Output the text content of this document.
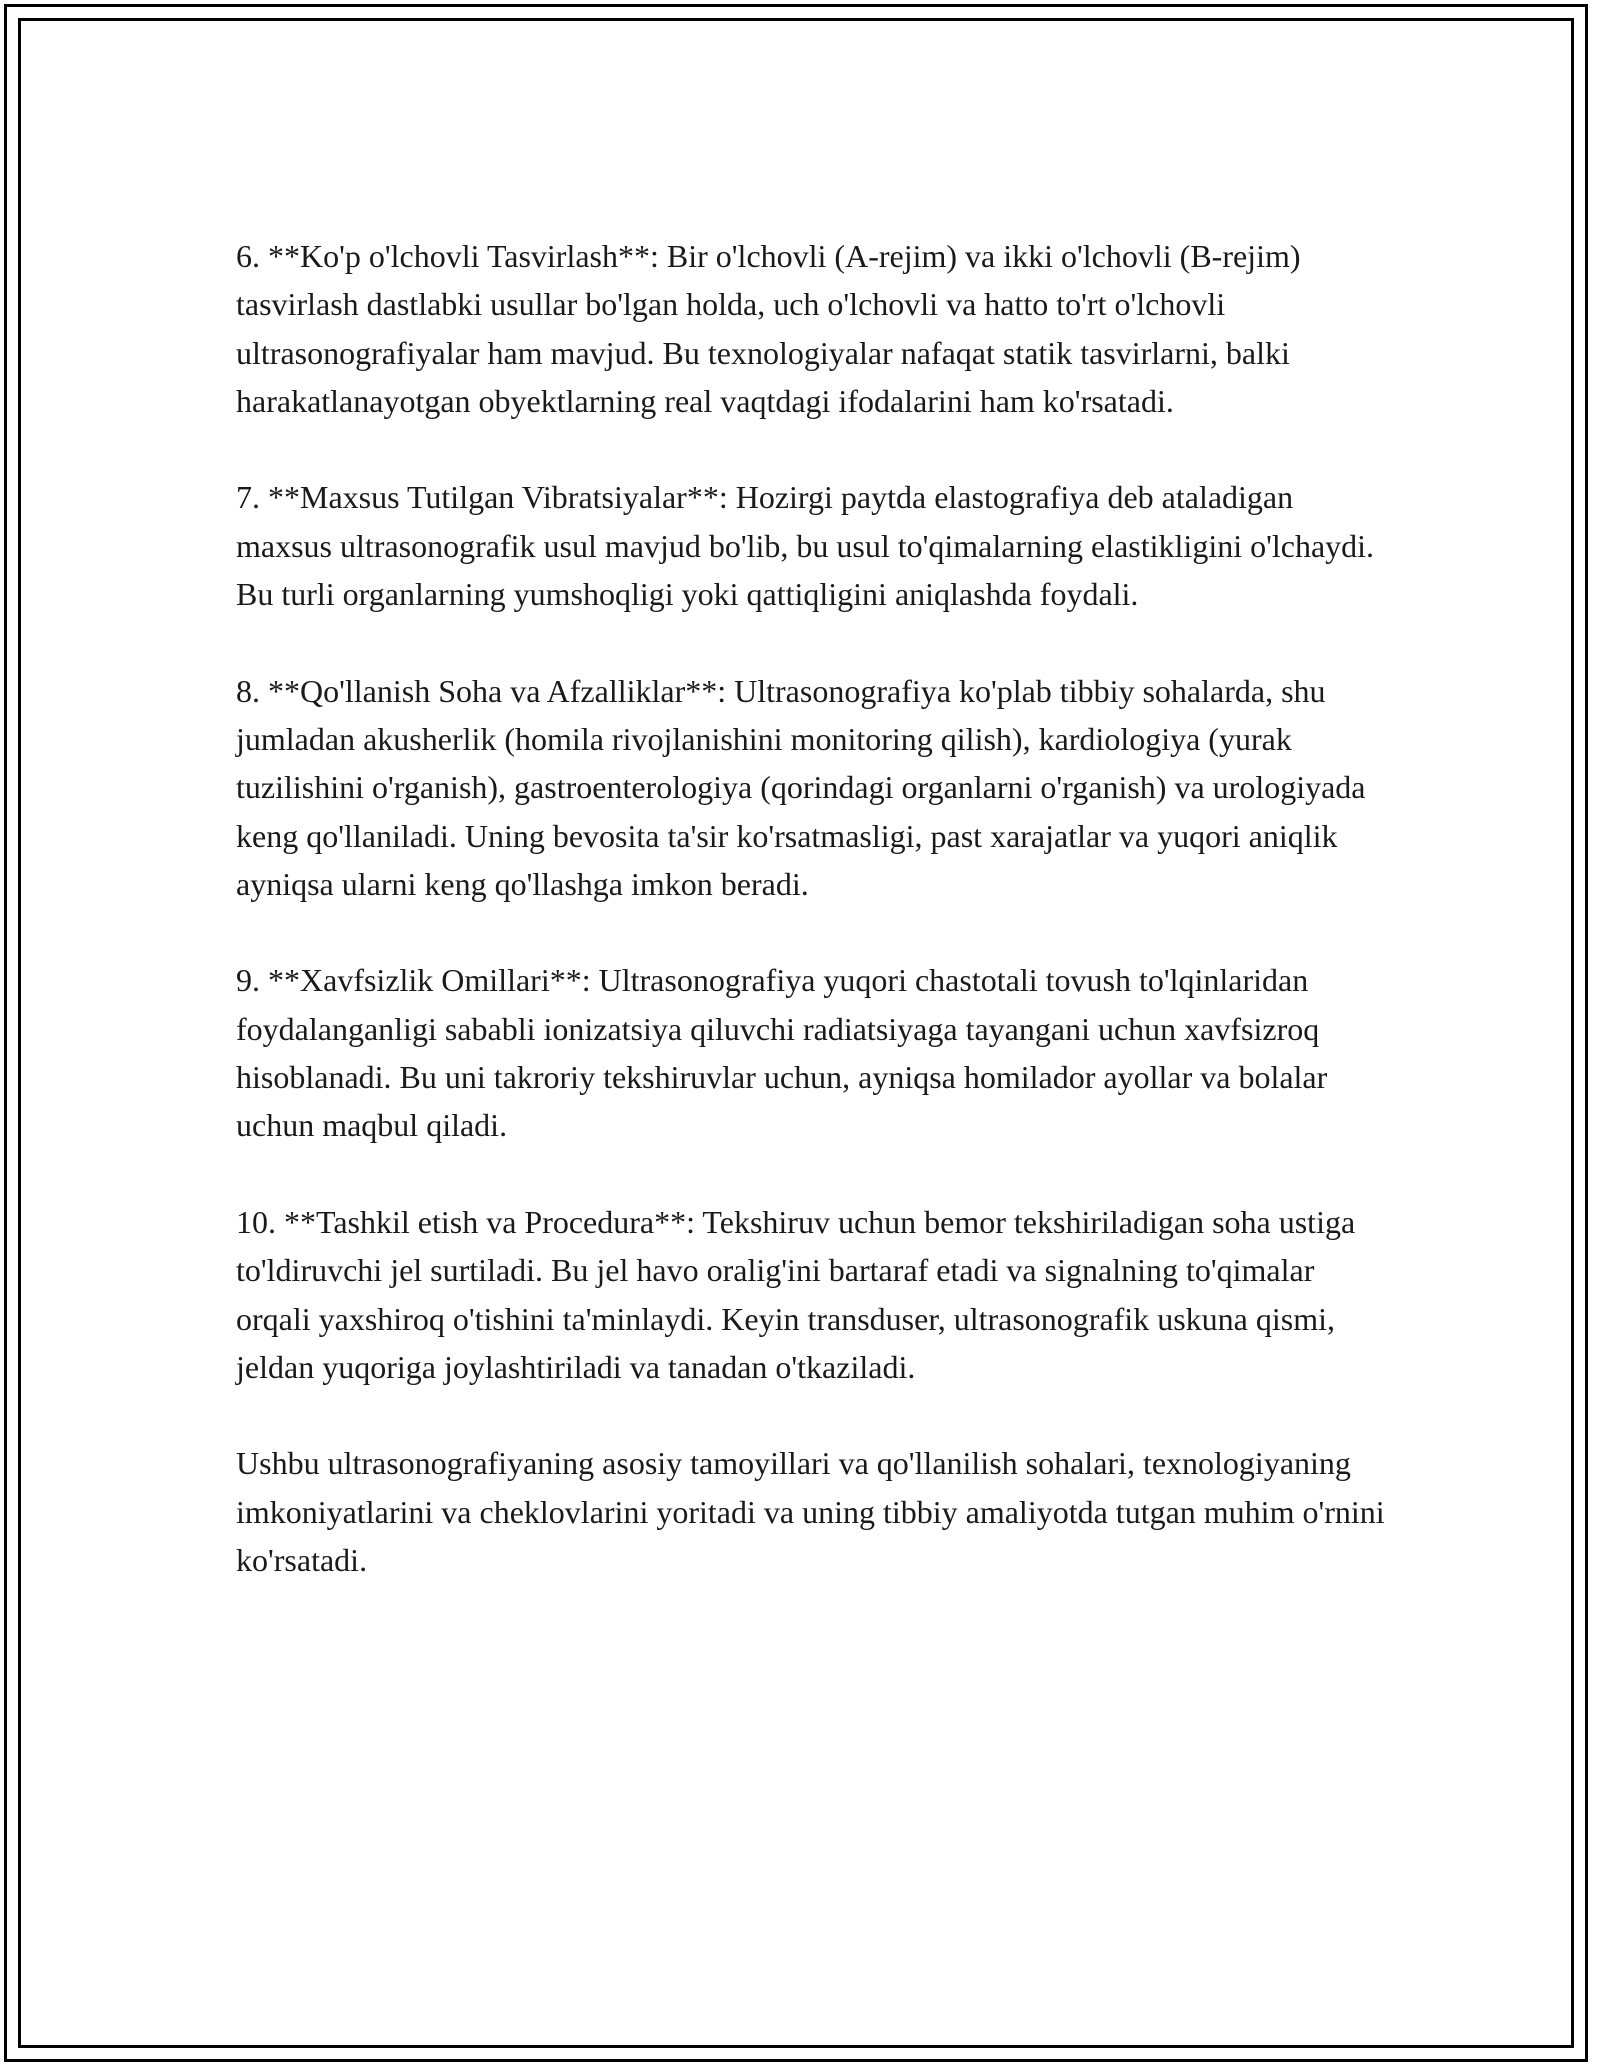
6. **Ko'p o'lchovli Tasvirlash**: Bir o'lchovli (A-rejim) va ikki o'lchovli (B-rejim) tasvirlash dastlabki usullar bo'lgan holda, uch o'lchovli va hatto to'rt o'lchovli ultrasonografiyalar ham mavjud. Bu texnologiyalar nafaqat statik tasvirlarni, balki harakatlanayotgan obyektlarning real vaqtdagi ifodalarini ham ko'rsatadi.

7. **Maxsus Tutilgan Vibratsiyalar**: Hozirgi paytda elastografiya deb ataladigan maxsus ultrasonografik usul mavjud bo'lib, bu usul to'qimalarning elastikligini o'lchaydi. Bu turli organlarning yumshoqligi yoki qattiqligini aniqlashda foydali.

8. **Qo'llanish Soha va Afzalliklar**: Ultrasonografiya ko'plab tibbiy sohalarda, shu jumladan akusherlik (homila rivojlanishini monitoring qilish), kardiologiya (yurak tuzilishini o'rganish), gastroenterologiya (qorindagi organlarni o'rganish) va urologiyada keng qo'llaniladi. Uning bevosita ta'sir ko'rsatmasligi, past xarajatlar va yuqori aniqlik ayniqsa ularni keng qo'llashga imkon beradi.

9. **Xavfsizlik Omillari**: Ultrasonografiya yuqori chastotali tovush to'lqinlaridan foydalanganligi sababli ionizatsiya qiluvchi radiatsiyaga tayangani uchun xavfsizroq hisoblanadi. Bu uni takroriy tekshiruvlar uchun, ayniqsa homilador ayollar va bolalar uchun maqbul qiladi.

10. **Tashkil etish va Procedura**: Tekshiruv uchun bemor tekshiriladigan soha ustiga to'ldiruvchi jel surtiladi. Bu jel havo oralig'ini bartaraf etadi va signalning to'qimalar orqali yaxshiroq o'tishini ta'minlaydi. Keyin transduser, ultrasonografik uskuna qismi, jeldan yuqoriga joylashtiriladi va tanadan o'tkaziladi.

Ushbu ultrasonografiyaning asosiy tamoyillari va qo'llanilish sohalari, texnologiyaning imkoniyatlarini va cheklovlarini yoritadi va uning tibbiy amaliyotda tutgan muhim o'rnini ko'rsatadi.
